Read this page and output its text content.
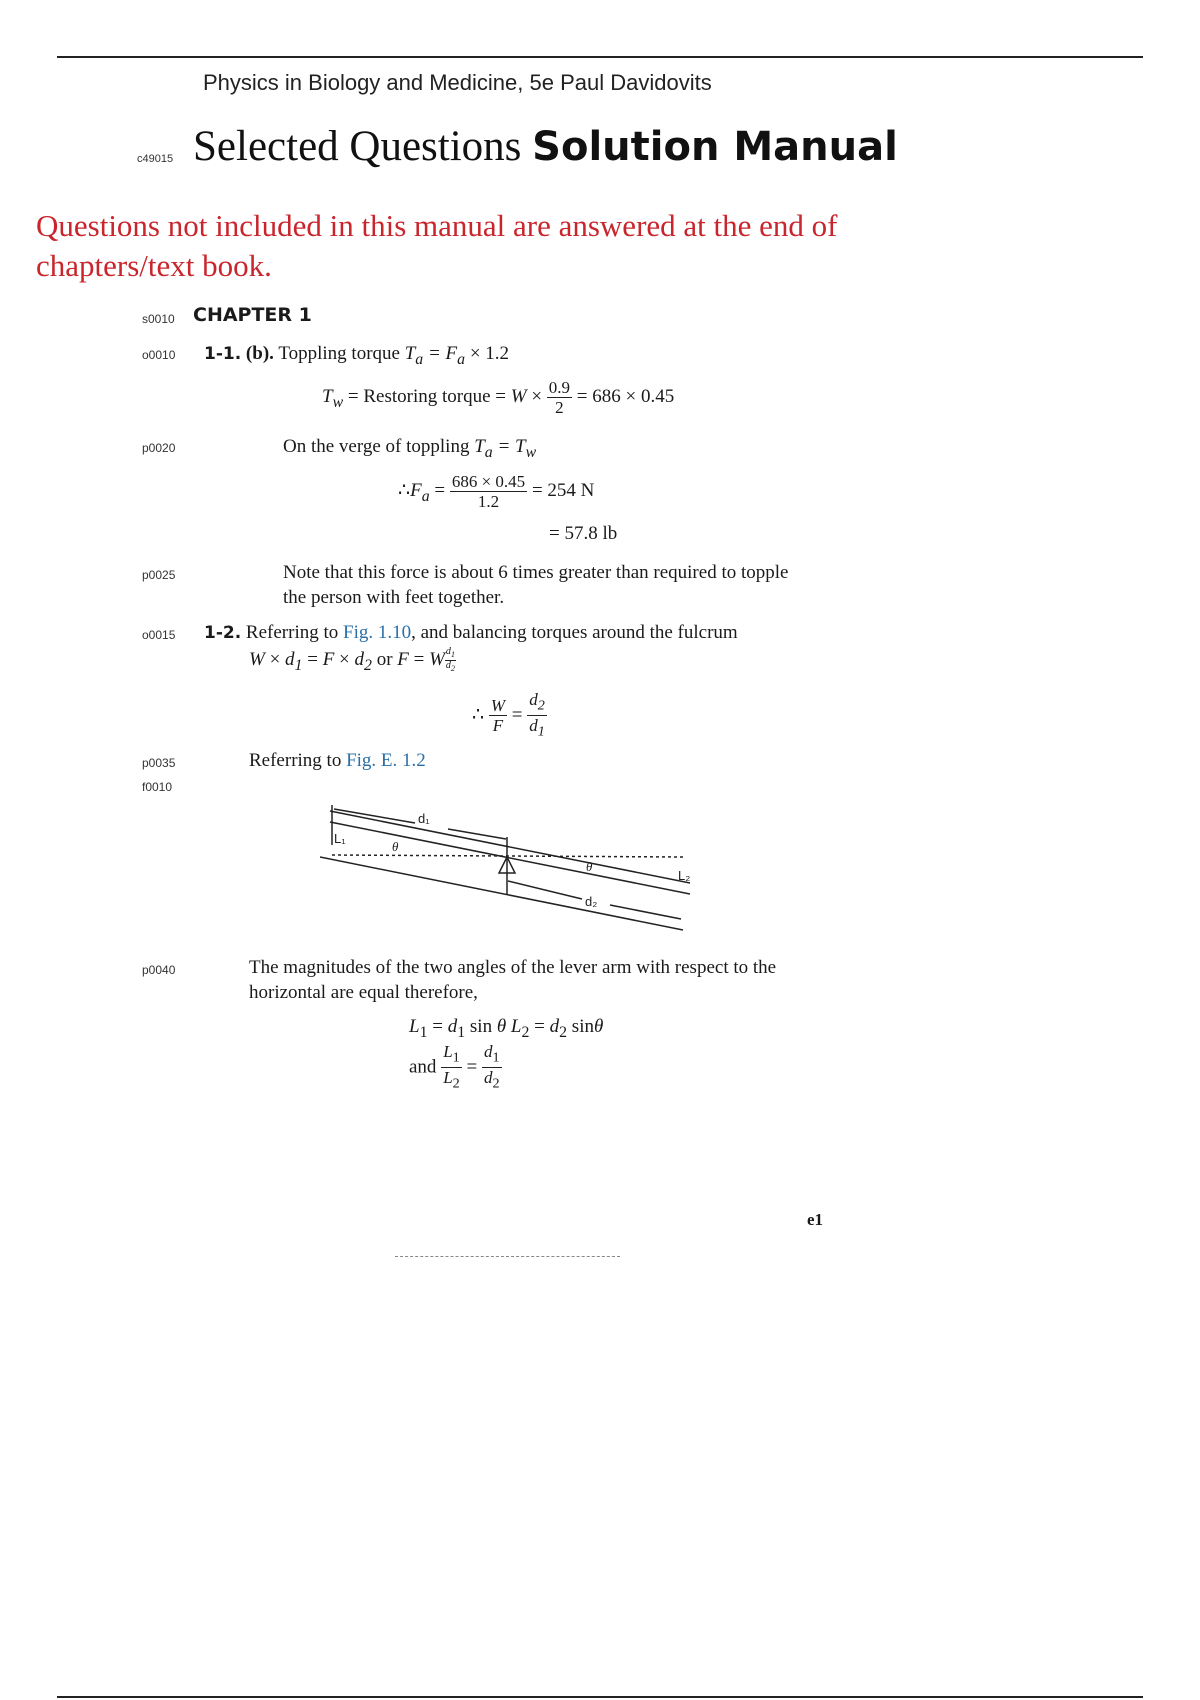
Physics in Biology and Medicine, 5e Paul Davidovits
c49015 Selected Questions Solution Manual
Questions not included in this manual are answered at the end of
chapters/text book.
s0010 CHAPTER 1
o0010 1-1. (b). Toppling torque $T_a = F_a \times 1.2$
$T_w$ = Restoring torque = $W \times \frac{0.9}{2} = 686 \times 0.45$
p0020	On the verge of toppling $T_a = T_w$
$\therefore F_a = \frac{686 \times 0.45}{1.2} = 254$ N
= 57.8 lb
p0025	Note that this force is about 6 times greater than required to topple
the person with feet together.
o0015 1-2. Referring to Fig. 1.10, and balancing torques around the fulcrum
$W \times d_1 = F \times d_2$ or F = W $\frac{d_1}{d_2}$
∴ $\frac{W}{F} = \frac{d_2}{d_1}$
p0035	Referring to Fig. E. 1.2
f0010
d₁
d₂
L₁
L₂
θ
θ
p0040	The magnitudes of the two angles of the lever arm with respect to the
horizontal are equal therefore,
$L_1 = d_1$ sin θ $L_2 = d_2$ sinθ
and $\frac{L_1}{L_2} = \frac{d_1}{d_2}$
e1
